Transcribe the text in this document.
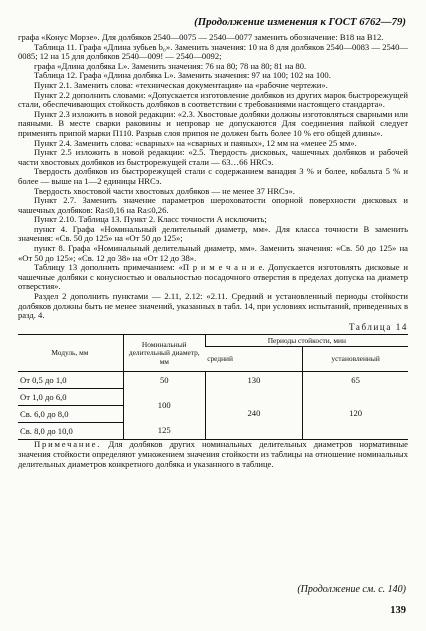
(Продолжение изменения к ГОСТ 6762—79)

графа «Конус Морзе». Для долбяков 2540—0075 — 2540—0077 заменить обозначение: B18 на B12.

Таблица 11. Графа «Длина зубьев b₀». Заменить значения: 10 на 8 для долбяков 2540—0083 — 2540—0085; 12 на 15 для долбяков 2540—009! — 2540—0092;

графа «Длина долбяка L». Заменить значения: 76 на 80; 78 на 80; 81 на 80.

Таблица 12. Графа «Длина долбяка L». Заменить значения: 97 на 100; 102 на 100.

Пункт 2.1. Заменить слова: «техническая документация» на «рабочие чертежи».

Пункт 2.2 дополнить словами: «Допускается изготовление долбяков из других марок быстрорежущей стали, обеспечивающих стойкость долбяков в соответствии с требованиями настоящего стандарта».

Пункт 2.3 изложить в новой редакции: «2.3. Хвостовые долбяки должны изготовляться сварными или паяными. В месте сварки раковины и непровар не допускаются Для соединения пайкой следует применять припой марки П110. Разрыв слоя припоя не должен быть более 10 % его общей длины».

Пункт 2.4. Заменить слова: «сварных» на «сварных и паяных», 12 мм на «менее 25 мм».

Пункт 2.5 изложить в новой редакции: «2.5. Твердость дисковых, чашечных долбяков и рабочей части хвостовых долбяков из быстрорежущей стали — 63…66 HRCэ.

Твердость долбяков из быстрорежущей стали с содержанием ванадия 3 % и более, кобальта 5 % и более — выше на 1—2 единицы HRCэ.

Твердость хвостовой части хвостовых долбяков — не менее 37 HRCэ».

Пункт 2.7. Заменить значение параметров шероховатости опорной поверхности дисковых и чашечных долбяков: Ra≤0,16 на Ra≤0,26.

Пункт 2.10. Таблица 13. Пункт 2. Класс точности А исключить;

пункт 4. Графа «Номинальный делительный диаметр, мм». Для класса точности В заменить значения: «Св. 50 до 125» на «От 50 до 125»;

пункт 8. Графа «Номинальный делительный диаметр, мм». Заменить значения: «Св. 50 до 125» на «От 50 до 125»; «Св. 12 до 38» на «От 12 до 38».

Таблицу 13 дополнить примечанием: «П р и м е ч а н и е. Допускается изготовлять дисковые и чашечные долбяки с конусностью и овальностью посадочного отверстия в пределах допуска на диаметр отверстия».

Раздел 2 дополнить пунктами — 2.11, 2.12: «2.11. Средний и установленный периоды стойкости долбяков должны быть не менее значений, указанных в табл. 14, при условиях испытаний, приведенных в разд. 4.

Таблица 14
Модуль, мм	Номинальный делительный диаметр, мм	Периоды стойкости, мин	
		средний	установленный
От 0,5 до 1,0	50	130	65
От 1,0 до 6,0	100	240	120
Св. 6,0 до 8,0			
Св. 8,0 до 10,0	125		

Примечание. Для долбяков других номинальных делительных диаметров нормативные значения стойкости определяют умножением значения стойкости из таблицы на отношение номинальных делительных диаметров конкретного долбяка и указанного в таблице.

(Продолжение см. с. 140)
139
